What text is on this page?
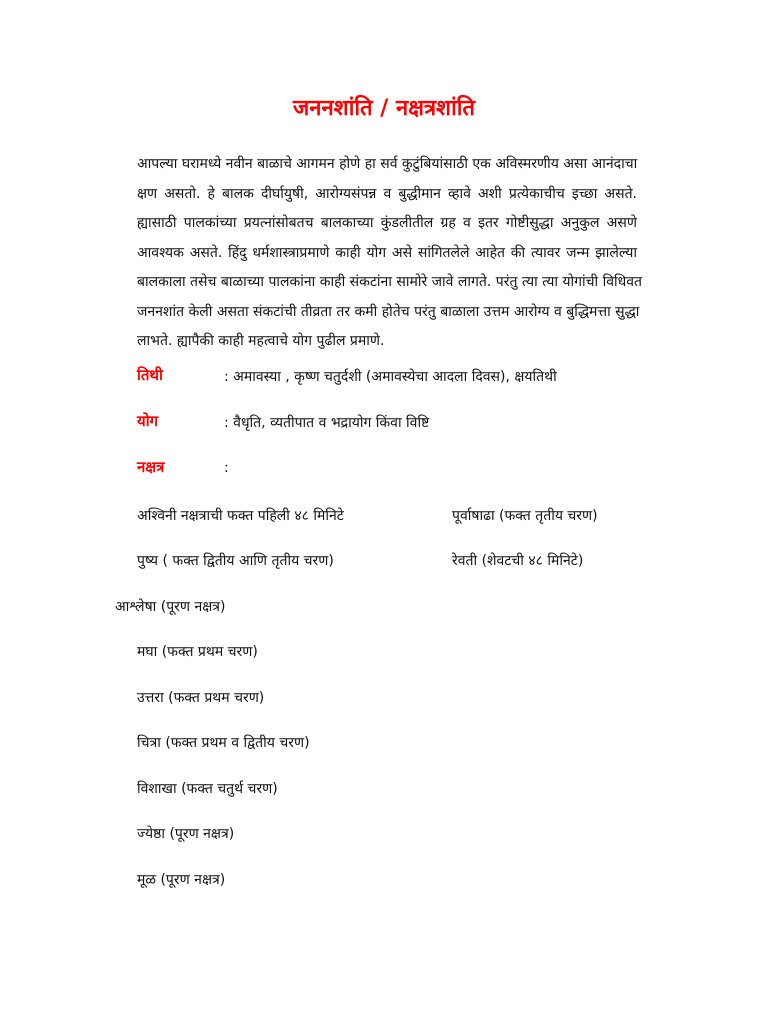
जननशांति / नक्षत्रशांति
आपल्या घरामध्ये नवीन बाळाचे आगमन होणे हा सर्व कुटुंबियांसाठी एक अविस्मरणीय असा आनंदाचा
क्षण असतो. हे बालक दीर्घायुषी, आरोग्यसंपन्न व बुद्धीमान व्हावे अशी प्रत्येकाचीच इच्छा असते.
ह्यासाठी पालकांच्या प्रयत्नांसोबतच बालकाच्या कुंडलीतील ग्रह व इतर गोष्टीसुद्धा अनुकुल असणे
आवश्यक असते. हिंदु धर्मशास्त्राप्रमाणे काही योग असे सांगितलेले आहेत की त्यावर जन्म झालेल्या
बालकाला तसेच बाळाच्या पालकांना काही संकटांना सामोरे जावे लागते. परंतु त्या त्या योगांची विधिवत
जननशांत केली असता संकटांची तीव्रता तर कमी होतेच परंतु बाळाला उत्तम आरोग्य व बुद्धिमत्ता सुद्धा
लाभते. ह्यापैकी काही महत्वाचे योग पुढील प्रमाणे.
तिथी	: अमावस्या , कृष्ण चतुर्दशी (अमावस्येचा आदला दिवस), क्षयतिथी
योग	: वैधृति, व्यतीपात व भद्रायोग किंवा विष्टि
नक्षत्र	:
अश्विनी नक्षत्राची फक्त पहिली ४८ मिनिटे	पूर्वाषाढा (फक्त तृतीय चरण)
पुष्य ( फक्त द्वितीय आणि तृतीय चरण)	रेवती (शेवटची ४८ मिनिटे)
आश्लेषा (पूरण नक्षत्र)
मघा (फक्त प्रथम चरण)
उत्तरा (फक्त प्रथम चरण)
चित्रा (फक्त प्रथम व द्वितीय चरण)
विशाखा (फक्त चतुर्थ चरण)
ज्येष्ठा (पूरण नक्षत्र)
मूळ (पूरण नक्षत्र)
